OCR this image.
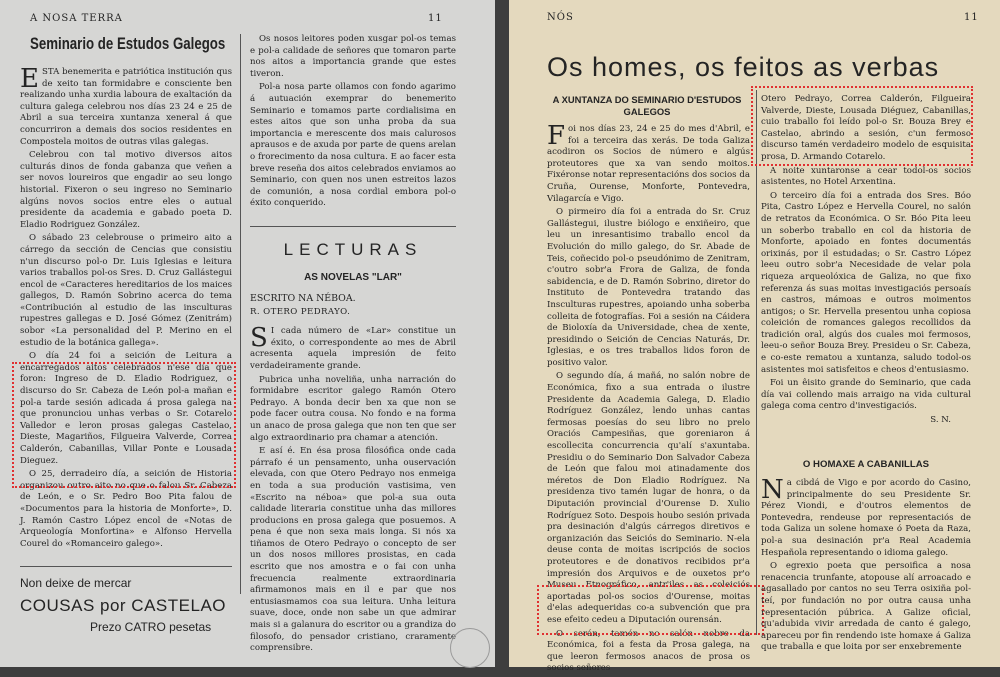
A NOSA TERRA	11
Seminario de Estudos Galegos

ESTA benemerita e patriótica institución qus de xeito tan formidabre e consciente ben realizando unha xurdia laboura de exaltación da cultura galega celebrou nos días 23 24 e 25 de Abril a sua terceira xuntanza xeneral á que concurriron a demais dos socios residentes en Compostela moitos de outras vilas galegas.

Celebrou con tal motivo diversos aitos culturás dinos de fonda gabanza que veñen a ser novos loureiros que engadir ao seu longo historial. Fixeron o seu ingreso no Seminario algúns novos socios entre eles o autual presidente da academia e gabado poeta D. Eladio Rodriguez González.

O sábado 23 celebrouse o primeiro aito a cárrego da sección de Cencias que consistiu n'un discurso pol-o Dr. Luis Iglesias e leitura varios traballos pol-os Sres. D. Cruz Gallástegui encol de «Caracteres hereditarios de los maices gallegos, D. Ramón Sobrino acerca do tema «Contribución al estudio de las insculturas rupestres gallegas e D. José Gómez (Zenitrám) sobor «La personalidad del P. Merino en el estudio de la botánica gallega».

O día 24 foi a seición de Leitura a encarregados aitos celebrados n'ese día que foron: Ingreso de D. Eladio Rodriguez, o discurso do Sr. Cabeza de León pol-a mañan e pol-a tarde sesión adicada á prosa galega na que pronunciou unhas verbas o Sr. Cotarelo Valledor e leron prosas galegas Castelao, Dieste, Magariños, Filgueira Valverde, Correa Calderón, Cabanillas, Villar Ponte e Lousada Dieguez.

O 25, derradeiro día, a seición de Historia organizou outro aito no que o falou Sr. Cabeza de León, e o Sr. Pedro Boo Pita falou de «Documentos para la historia de Monforte», D. J. Ramón Castro López encol de «Notas de Arqueología Monfortina» e Alfonso Hervella Courel do «Romanceiro galego».

Non deixe de mercar
COUSAS por CASTELAO
Prezo CATRO pesetas

Os nosos leitores poden xusgar pol-os temas e pol-a calidade de señores que tomaron parte nos aitos a importancia grande que estes tiveron.

Pol-a nosa parte ollamos con fondo agarimo á autuación exemprar do benemerito Seminario e tomamos parte cordialisima en estes aitos que son unha proba da sua importancia e merescente dos mais calurosos aprausos e de axuda por parte de quens arelan o frorecimento da nosa cultura. E ao facer esta breve reseña dos aitos celebrados enviamos ao Seminario, con quen nos unen estreitos lazos de comunión, a nosa cordial embora pol-o éxito conquerido.

LECTURAS
AS NOVELAS "LAR"

ESCRITO NA NÉBOA.

R. OTERO PEDRAYO.

S I cada número de «Lar» constitue un éxito, o correspondente ao mes de Abril acresenta aquela impresión de feito verdadeiramente grande.

Pubrica unha noveliña, unha narración do formidabre escritor galego Ramón Otero Pedrayo. A bonda decir ben xa que non se pode facer outra cousa. No fondo e na forma un anaco de prosa galega que non ten que ser algo extraordinario pra chamar a atención.

E así é. En ésa prosa filosófica onde cada párrafo é un pensamento, unha ouservación elevada, con que Otero Pedrayo nos enmeiga en toda a sua produción vastisima, ven «Escrito na néboa» que pol-a sua outa calidade literaria constitue unha das millores producions en prosa galega que posuemos. A pena é que non sexa mais longa. Si nós xa tiñamos de Otero Pedrayo o concepto de ser un dos nosos millores prosistas, en cada escrito que nos amostra e o fai con unha frecuencia realmente extraordinaria afirmamonos mais en il e par que nos entusiasmamos coa sua leitura. Unha leitura suave, doce, onde non sabe un que admirar mais si a galanura do escritor ou a grandiza do filosofo, do pensador cristiano, craramente comprensibre.

NÓS	11
Os homes, os feitos as verbas
A XUNTANZA DO SEMINARIO D'ESTUDOS GALEGOS

Foi nos días 23, 24 e 25 do mes d'Abril, e foi a terceira das xerás. De toda Galiza acodiron os Socios de número e algús proteutores que xa van sendo moitos. Fixéronse notar representacións dos socios da Cruña, Ourense, Monforte, Pontevedra, Vilagarcía e Vigo.

O pirmeiro día foi a entrada do Sr. Cruz Gallástegui, ilustre biólogo e enxiñeiro, que leu un inresantisimo traballo encol da Evolución do millo galego, do Sr. Abade de Teis, coñecido pol-o pseudónimo de Zenitram, c'outro sobr'a Frora de Galiza, de fonda sabidencia, e de D. Ramón Sobrino, diretor do Instituto de Pontevedra tratando das Insculturas rupestres, apoiando unha soberba colleita de fotografías. Foi a sesión na Cáidera de Bioloxía da Universidade, chea de xente, presidindo o Seición de Cencias Naturás, Dr. Iglesias, e os tres traballos lidos foron de positivo valor.

O segundo día, á mañá, no salón nobre de Económica, fixo a sua entrada o ilustre Presidente da Academia Galega, D. Eladio Rodríguez González, lendo unhas cantas fermosas poesías do seu libro no prelo Oraciós Campesiñas, que goreniaron á escollecita concurrencia qu'alí s'axuntaba. Presidiu o do Seminario Don Salvador Cabeza de León que falou moi atinadamente dos méretos de Don Eladio Rodríguez. Na presidenza tivo tamén lugar de honra, o da Diputación provincial d'Ourense D. Xulio Rodríguez Soto. Despois houbo sesión privada pra desinación d'algús cárregos diretivos e organización das Seiciós do Seminario. N-ela deuse conta de moitas iscripciós de socios proteutores e de donativos recibidos pr'a impresión dos Arquivos e de ouxetos pr'o Museu Etnográfico, antr'iles as coleiciós aportadas pol-os socios d'Ourense, moitas d'elas adequeridas co-a subvención que pra ese efeito cedeu a Diputación ourensán.

O serán, tamén no salón nobre da Económica, foi a festa da Prosa galega, na que leeron fermosos anacos de prosa os socios señores

Otero Pedrayo, Correa Calderón, Filgueira Valverde, Dieste, Lousada Diéguez, Cabanillas, cuio traballo foi leído pol-o Sr. Bouza Brey e Castelao, abrindo a sesión, c'un fermoso discurso tamén verdadeiro modelo de esquisita prosa, D. Armando Cotarelo.

A noite xuntaronse a cear todol-os socios asistentes, no Hotel Arxentina.

O terceiro día foi a entrada dos Sres. Bóo Pita, Castro López e Hervella Courel, no salón de retratos da Económica. O Sr. Bóo Pita leeu un soberbo traballo en col da historia de Monforte, apoiado en fontes documentás orixinás, por il estudadas; o Sr. Castro López leeu outro sobr'a Necesidade de velar pola riqueza arqueolóxica de Galiza, no que fixo referenza ás suas moitas investigaciós persoaís en castros, mámoas e outros moimentos antigos; o Sr. Hervella presentou unha copiosa coleición de romances galegos recollidos da tradición oral, algús dos cuales moi fermosos, leeu-o señor Bouza Brey. Presideu o Sr. Cabeza, e co-este rematou a xuntanza, saludo todol-os asistentes moi satisfeitos e cheos d'entusiasmo.

Foi un êisito grande do Seminario, que cada día vai collendo mais arraigo na vida cultural galega coma centro d'investigaciós.

S. N.

O HOMAXE A CABANILLAS

Na cibdá de Vigo e por acordo do Casino, principalmente do seu Presidente Sr. Pérez Viondi, e d'outros elementos de Pontevedra, rendeuse por representaciós de toda Galiza un solene homaxe ó Poeta da Raza, pol-a sua desinación pr'a Real Academia Hespañola representando o idioma galego.

O egrexio poeta que persoifica a nosa renacencia trunfante, atopouse alí arroacado e agasallado por cantos no seu Terra osixiña pol-teí, por fundación no por outra causa unha representación púbrica. A Galize oficial, qu'adubida vivir arredada de canto é galego, apareceu por fin rendendo iste homaxe á Galiza que traballa e que loita por ser enxebremente
